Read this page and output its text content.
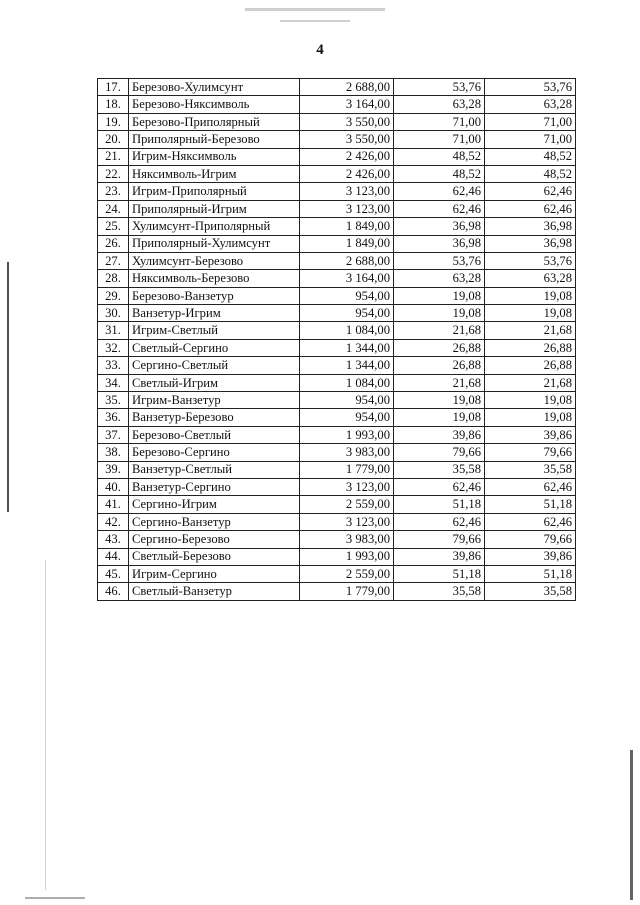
4
17.	Березово-Хулимсунт	2 688,00	53,76	53,76
18.	Березово-Няксимволь	3 164,00	63,28	63,28
19.	Березово-Приполярный	3 550,00	71,00	71,00
20.	Приполярный-Березово	3 550,00	71,00	71,00
21.	Игрим-Няксимволь	2 426,00	48,52	48,52
22.	Няксимволь-Игрим	2 426,00	48,52	48,52
23.	Игрим-Приполярный	3 123,00	62,46	62,46
24.	Приполярный-Игрим	3 123,00	62,46	62,46
25.	Хулимсунт-Приполярный	1 849,00	36,98	36,98
26.	Приполярный-Хулимсунт	1 849,00	36,98	36,98
27.	Хулимсунт-Березово	2 688,00	53,76	53,76
28.	Няксимволь-Березово	3 164,00	63,28	63,28
29.	Березово-Ванзетур	954,00	19,08	19,08
30.	Ванзетур-Игрим	954,00	19,08	19,08
31.	Игрим-Светлый	1 084,00	21,68	21,68
32.	Светлый-Сергино	1 344,00	26,88	26,88
33.	Сергино-Светлый	1 344,00	26,88	26,88
34.	Светлый-Игрим	1 084,00	21,68	21,68
35.	Игрим-Ванзетур	954,00	19,08	19,08
36.	Ванзетур-Березово	954,00	19,08	19,08
37.	Березово-Светлый	1 993,00	39,86	39,86
38.	Березово-Сергино	3 983,00	79,66	79,66
39.	Ванзетур-Светлый	1 779,00	35,58	35,58
40.	Ванзетур-Сергино	3 123,00	62,46	62,46
41.	Сергино-Игрим	2 559,00	51,18	51,18
42.	Сергино-Ванзетур	3 123,00	62,46	62,46
43.	Сергино-Березово	3 983,00	79,66	79,66
44.	Светлый-Березово	1 993,00	39,86	39,86
45.	Игрим-Сергино	2 559,00	51,18	51,18
46.	Светлый-Ванзетур	1 779,00	35,58	35,58
